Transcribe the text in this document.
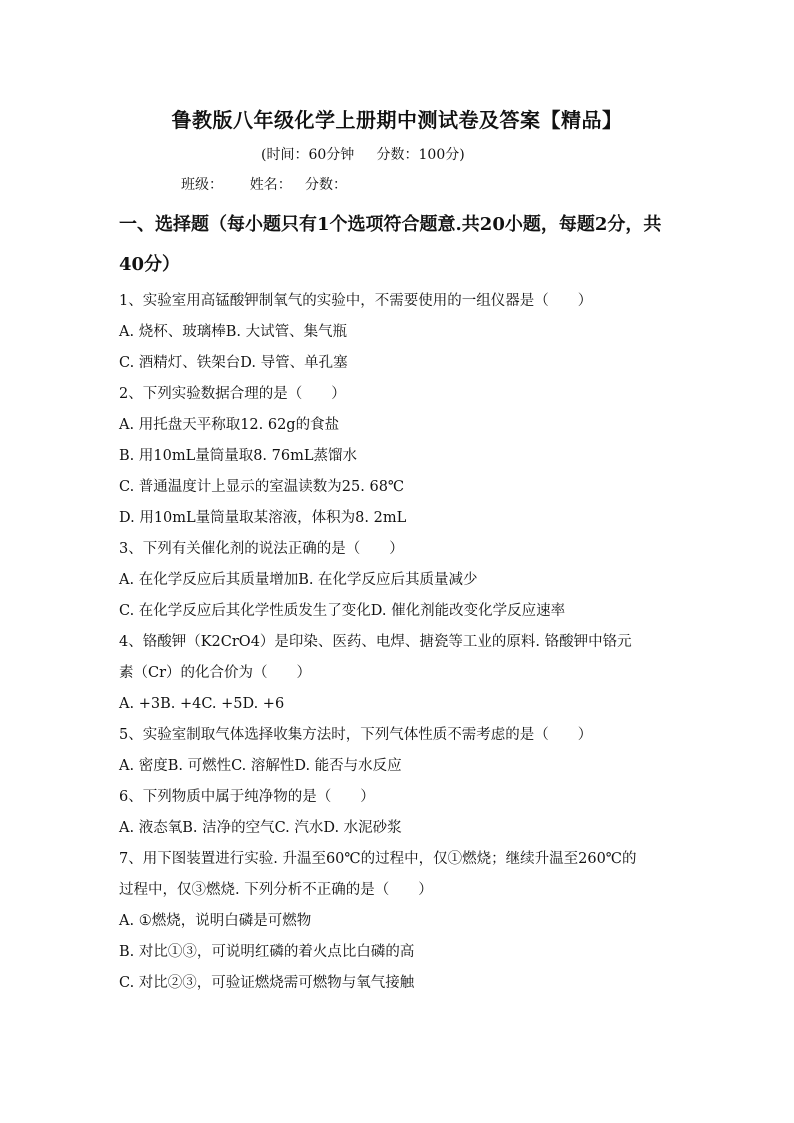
鲁教版八年级化学上册期中测试卷及答案【精品】
(时间：60分钟     分数：100分)
班级：      姓名：   分数：
一、选择题（每小题只有1个选项符合题意.共20小题，每题2分，共
40分）
1、实验室用高锰酸钾制氧气的实验中，不需要使用的一组仪器是（　　）
A. 烧杯、玻璃棒B. 大试管、集气瓶
C. 酒精灯、铁架台D. 导管、单孔塞
2、下列实验数据合理的是（　　）
A. 用托盘天平称取12. 62g的食盐
B. 用10mL量筒量取8. 76mL蒸馏水
C. 普通温度计上显示的室温读数为25. 68℃
D. 用10mL量筒量取某溶液，体积为8. 2mL
3、下列有关催化剂的说法正确的是（　　）
A. 在化学反应后其质量增加B. 在化学反应后其质量减少
C. 在化学反应后其化学性质发生了变化D. 催化剂能改变化学反应速率
4、铬酸钾（K2CrO4）是印染、医药、电焊、搪瓷等工业的原料. 铬酸钾中铬元
素（Cr）的化合价为（　　）
A. +3B. +4C. +5D. +6
5、实验室制取气体选择收集方法时，下列气体性质不需考虑的是（　　）
A. 密度B. 可燃性C. 溶解性D. 能否与水反应
6、下列物质中属于纯净物的是（　　）
A. 液态氧B. 洁净的空气C. 汽水D. 水泥砂浆
7、用下图装置进行实验. 升温至60℃的过程中，仅①燃烧；继续升温至260℃的
过程中，仅③燃烧. 下列分析不正确的是（　　）
A. ①燃烧，说明白磷是可燃物
B. 对比①③，可说明红磷的着火点比白磷的高
C. 对比②③，可验证燃烧需可燃物与氧气接触
